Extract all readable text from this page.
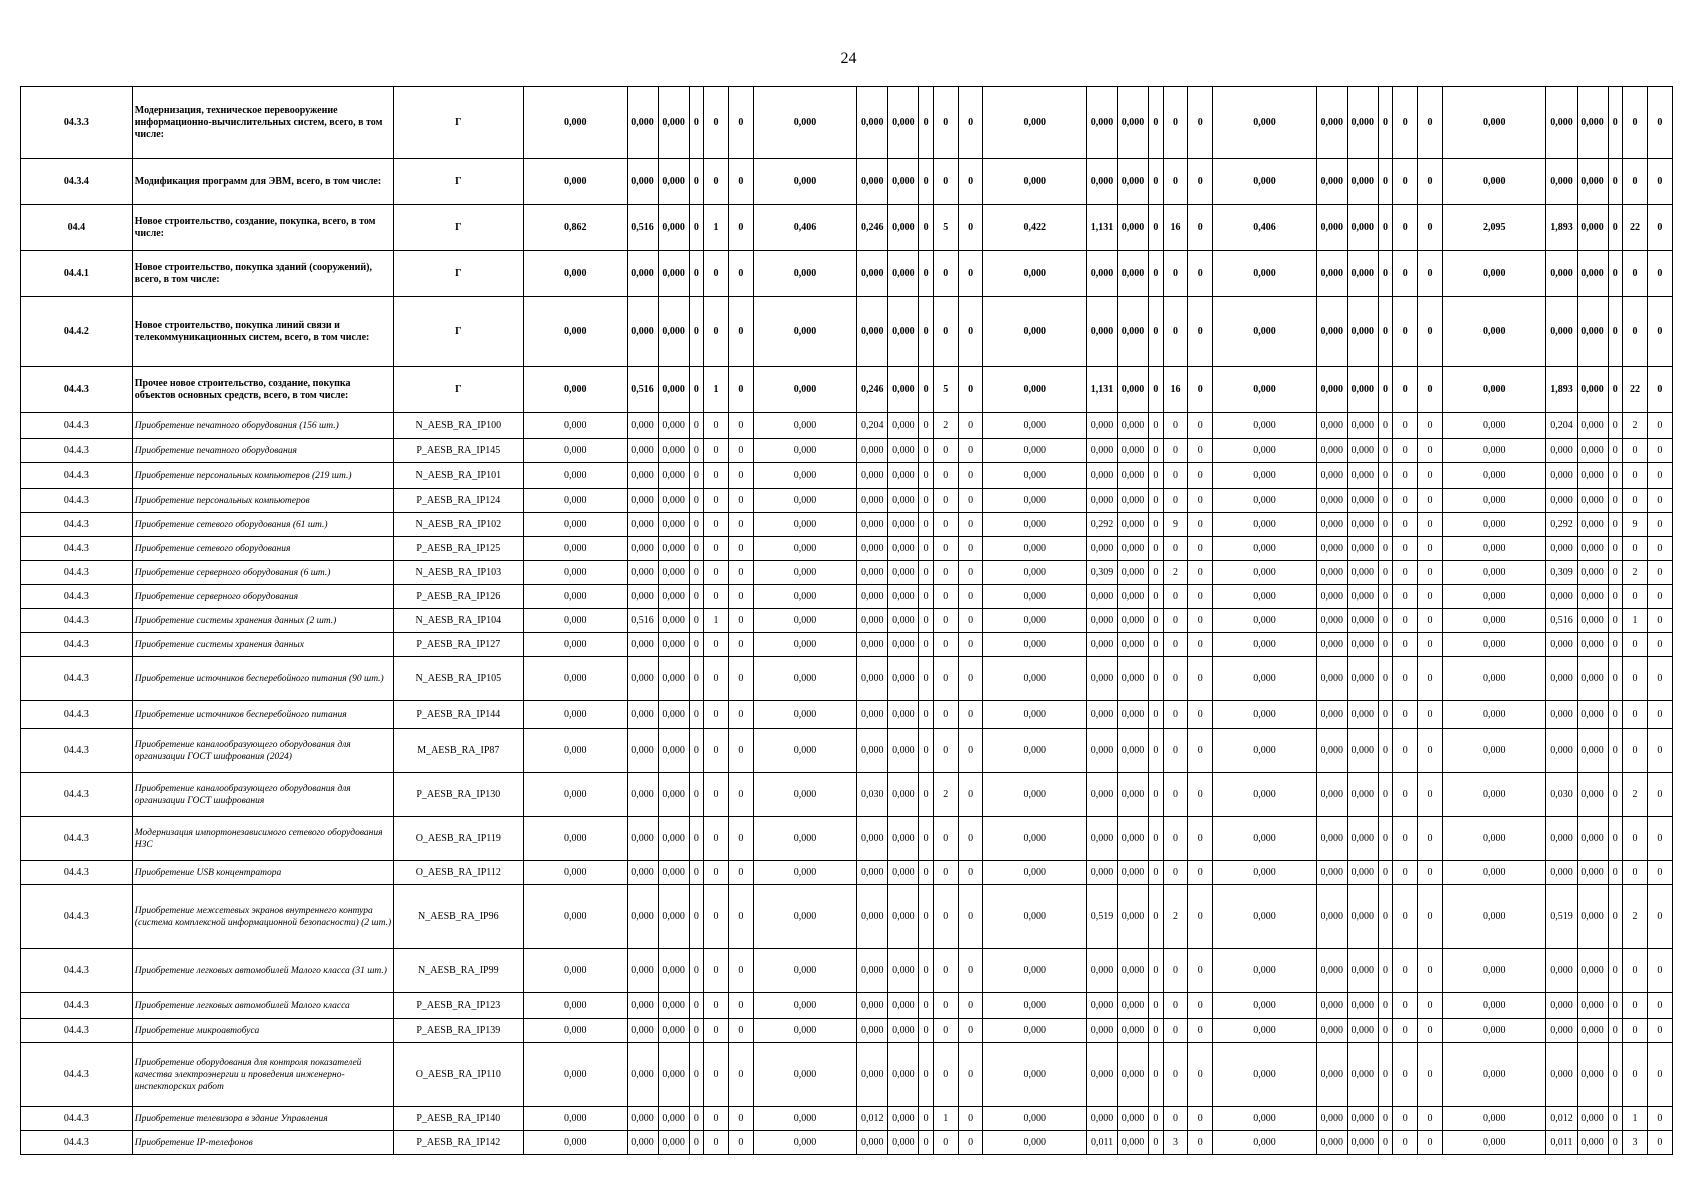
24
04.3.3	Модернизация, техническое перевооружение информационно-вычислительных систем, всего, в том числе:	Г	0,000	0,000	0,000	0	0	0	0,000	0,000	0,000	0	0	0	0,000	0,000	0,000	0	0	0	0,000	0,000	0,000	0	0	0	0,000	0,000	0,000	0	0	0
04.3.4	Модификация программ для ЭВМ, всего, в том числе:	Г	0,000	0,000	0,000	0	0	0	0,000	0,000	0,000	0	0	0	0,000	0,000	0,000	0	0	0	0,000	0,000	0,000	0	0	0	0,000	0,000	0,000	0	0	0
04.4	Новое строительство, создание, покупка, всего, в том числе:	Г	0,862	0,516	0,000	0	1	0	0,406	0,246	0,000	0	5	0	0,422	1,131	0,000	0	16	0	0,406	0,000	0,000	0	0	0	2,095	1,893	0,000	0	22	0
04.4.1	Новое строительство, покупка зданий (сооружений), всего, в том числе:	Г	0,000	0,000	0,000	0	0	0	0,000	0,000	0,000	0	0	0	0,000	0,000	0,000	0	0	0	0,000	0,000	0,000	0	0	0	0,000	0,000	0,000	0	0	0
04.4.2	Новое строительство, покупка линий связи и телекоммуникационных систем, всего, в том числе:	Г	0,000	0,000	0,000	0	0	0	0,000	0,000	0,000	0	0	0	0,000	0,000	0,000	0	0	0	0,000	0,000	0,000	0	0	0	0,000	0,000	0,000	0	0	0
04.4.3	Прочее новое строительство, создание, покупка объектов основных средств, всего, в том числе:	Г	0,000	0,516	0,000	0	1	0	0,000	0,246	0,000	0	5	0	0,000	1,131	0,000	0	16	0	0,000	0,000	0,000	0	0	0	0,000	1,893	0,000	0	22	0
04.4.3	Приобретение печатного оборудования (156 шт.)	N_AESB_RA_IP100	0,000	0,000	0,000	0	0	0	0,000	0,204	0,000	0	2	0	0,000	0,000	0,000	0	0	0	0,000	0,000	0,000	0	0	0	0,000	0,204	0,000	0	2	0
04.4.3	Приобретение печатного оборудования	P_AESB_RA_IP145	0,000	0,000	0,000	0	0	0	0,000	0,000	0,000	0	0	0	0,000	0,000	0,000	0	0	0	0,000	0,000	0,000	0	0	0	0,000	0,000	0,000	0	0	0
04.4.3	Приобретение персональных компьютеров (219 шт.)	N_AESB_RA_IP101	0,000	0,000	0,000	0	0	0	0,000	0,000	0,000	0	0	0	0,000	0,000	0,000	0	0	0	0,000	0,000	0,000	0	0	0	0,000	0,000	0,000	0	0	0
04.4.3	Приобретение персональных компьютеров	P_AESB_RA_IP124	0,000	0,000	0,000	0	0	0	0,000	0,000	0,000	0	0	0	0,000	0,000	0,000	0	0	0	0,000	0,000	0,000	0	0	0	0,000	0,000	0,000	0	0	0
04.4.3	Приобретение сетевого оборудования (61 шт.)	N_AESB_RA_IP102	0,000	0,000	0,000	0	0	0	0,000	0,000	0,000	0	0	0	0,000	0,292	0,000	0	9	0	0,000	0,000	0,000	0	0	0	0,000	0,292	0,000	0	9	0
04.4.3	Приобретение сетевого оборудования	P_AESB_RA_IP125	0,000	0,000	0,000	0	0	0	0,000	0,000	0,000	0	0	0	0,000	0,000	0,000	0	0	0	0,000	0,000	0,000	0	0	0	0,000	0,000	0,000	0	0	0
04.4.3	Приобретение серверного оборудования (6 шт.)	N_AESB_RA_IP103	0,000	0,000	0,000	0	0	0	0,000	0,000	0,000	0	0	0	0,000	0,309	0,000	0	2	0	0,000	0,000	0,000	0	0	0	0,000	0,309	0,000	0	2	0
04.4.3	Приобретение серверного оборудования	P_AESB_RA_IP126	0,000	0,000	0,000	0	0	0	0,000	0,000	0,000	0	0	0	0,000	0,000	0,000	0	0	0	0,000	0,000	0,000	0	0	0	0,000	0,000	0,000	0	0	0
04.4.3	Приобретение системы хранения данных (2 шт.)	N_AESB_RA_IP104	0,000	0,516	0,000	0	1	0	0,000	0,000	0,000	0	0	0	0,000	0,000	0,000	0	0	0	0,000	0,000	0,000	0	0	0	0,000	0,516	0,000	0	1	0
04.4.3	Приобретение системы хранения данных	P_AESB_RA_IP127	0,000	0,000	0,000	0	0	0	0,000	0,000	0,000	0	0	0	0,000	0,000	0,000	0	0	0	0,000	0,000	0,000	0	0	0	0,000	0,000	0,000	0	0	0
04.4.3	Приобретение источников бесперебойного питания (90 шт.)	N_AESB_RA_IP105	0,000	0,000	0,000	0	0	0	0,000	0,000	0,000	0	0	0	0,000	0,000	0,000	0	0	0	0,000	0,000	0,000	0	0	0	0,000	0,000	0,000	0	0	0
04.4.3	Приобретение источников бесперебойного питания	P_AESB_RA_IP144	0,000	0,000	0,000	0	0	0	0,000	0,000	0,000	0	0	0	0,000	0,000	0,000	0	0	0	0,000	0,000	0,000	0	0	0	0,000	0,000	0,000	0	0	0
04.4.3	Приобретение каналообразующего оборудования для организации ГОСТ шифрования (2024)	M_AESB_RA_IP87	0,000	0,000	0,000	0	0	0	0,000	0,000	0,000	0	0	0	0,000	0,000	0,000	0	0	0	0,000	0,000	0,000	0	0	0	0,000	0,000	0,000	0	0	0
04.4.3	Приобретение каналообразующего оборудования для организации ГОСТ шифрования	P_AESB_RA_IP130	0,000	0,000	0,000	0	0	0	0,000	0,030	0,000	0	2	0	0,000	0,000	0,000	0	0	0	0,000	0,000	0,000	0	0	0	0,000	0,030	0,000	0	2	0
04.4.3	Модернизация импортонезависимого сетевого оборудования НЗС	O_AESB_RA_IP119	0,000	0,000	0,000	0	0	0	0,000	0,000	0,000	0	0	0	0,000	0,000	0,000	0	0	0	0,000	0,000	0,000	0	0	0	0,000	0,000	0,000	0	0	0
04.4.3	Приобретение USB концентратора	O_AESB_RA_IP112	0,000	0,000	0,000	0	0	0	0,000	0,000	0,000	0	0	0	0,000	0,000	0,000	0	0	0	0,000	0,000	0,000	0	0	0	0,000	0,000	0,000	0	0	0
04.4.3	Приобретение межсетевых экранов внутреннего контура (система комплексной информационной безопасности) (2 шт.)	N_AESB_RA_IP96	0,000	0,000	0,000	0	0	0	0,000	0,000	0,000	0	0	0	0,000	0,519	0,000	0	2	0	0,000	0,000	0,000	0	0	0	0,000	0,519	0,000	0	2	0
04.4.3	Приобретение легковых автомобилей Малого класса (31 шт.)	N_AESB_RA_IP99	0,000	0,000	0,000	0	0	0	0,000	0,000	0,000	0	0	0	0,000	0,000	0,000	0	0	0	0,000	0,000	0,000	0	0	0	0,000	0,000	0,000	0	0	0
04.4.3	Приобретение легковых автомобилей Малого класса	P_AESB_RA_IP123	0,000	0,000	0,000	0	0	0	0,000	0,000	0,000	0	0	0	0,000	0,000	0,000	0	0	0	0,000	0,000	0,000	0	0	0	0,000	0,000	0,000	0	0	0
04.4.3	Приобретение микроавтобуса	P_AESB_RA_IP139	0,000	0,000	0,000	0	0	0	0,000	0,000	0,000	0	0	0	0,000	0,000	0,000	0	0	0	0,000	0,000	0,000	0	0	0	0,000	0,000	0,000	0	0	0
04.4.3	Приобретение оборудования для контроля показателей качества электроэнергии и проведения инженерно-инспекторских работ	O_AESB_RA_IP110	0,000	0,000	0,000	0	0	0	0,000	0,000	0,000	0	0	0	0,000	0,000	0,000	0	0	0	0,000	0,000	0,000	0	0	0	0,000	0,000	0,000	0	0	0
04.4.3	Приобретение телевизора в здание Управления	P_AESB_RA_IP140	0,000	0,000	0,000	0	0	0	0,000	0,012	0,000	0	1	0	0,000	0,000	0,000	0	0	0	0,000	0,000	0,000	0	0	0	0,000	0,012	0,000	0	1	0
04.4.3	Приобретение IP-телефонов	P_AESB_RA_IP142	0,000	0,000	0,000	0	0	0	0,000	0,000	0,000	0	0	0	0,000	0,011	0,000	0	3	0	0,000	0,000	0,000	0	0	0	0,000	0,011	0,000	0	3	0
